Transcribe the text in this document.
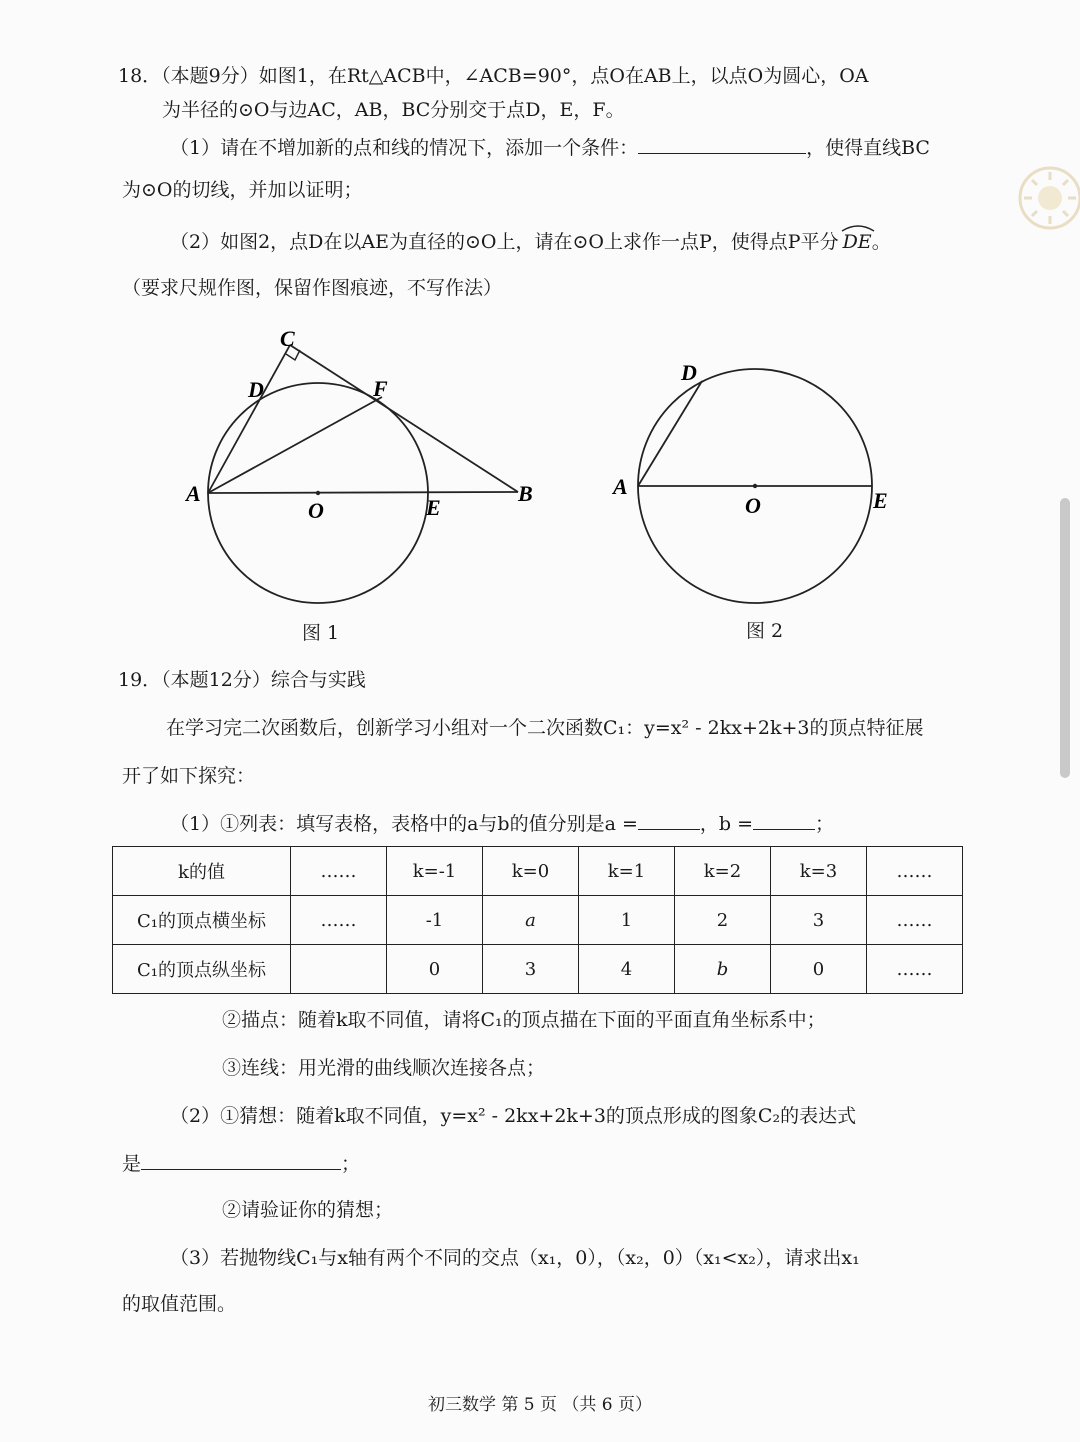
18．（本题9分）如图1，在Rt△ACB中，∠ACB=90°，点O在AB上，以点O为圆心，OA
为半径的⊙O与边AC，AB，BC分别交于点D，E，F。
（1）请在不增加新的点和线的情况下，添加一个条件：	，使得直线BC
为⊙O的切线，并加以证明；
（2）如图2，点D在以AE为直径的⊙O上，请在⊙O上求作一点P，使得点P平分 DE。
（要求尺规作图，保留作图痕迹，不写作法）
C
D	F
A
O	E
B
图 1
D
A
O	E
图 2
19．（本题12分）综合与实践
在学习完二次函数后，创新学习小组对一个二次函数C₁：y=x² - 2kx+2k+3的顶点特征展
开了如下探究：
（1）①列表：填写表格，表格中的a与b的值分别是a =	，b =	；
k的值	……	k=-1	k=0	k=1	k=2	k=3	……
C₁的顶点横坐标	……	-1	a	1	2	3	……
C₁的顶点纵坐标		0	3	4	b	0	……
②描点：随着k取不同值，请将C₁的顶点描在下面的平面直角坐标系中；
③连线：用光滑的曲线顺次连接各点；
（2）①猜想：随着k取不同值，y=x² - 2kx+2k+3的顶点形成的图象C₂的表达式
是	；
②请验证你的猜想；
（3）若抛物线C₁与x轴有两个不同的交点（x₁，0），（x₂，0）（x₁<x₂），请求出x₁
的取值范围。
初三数学 第 5 页 （共 6 页）
